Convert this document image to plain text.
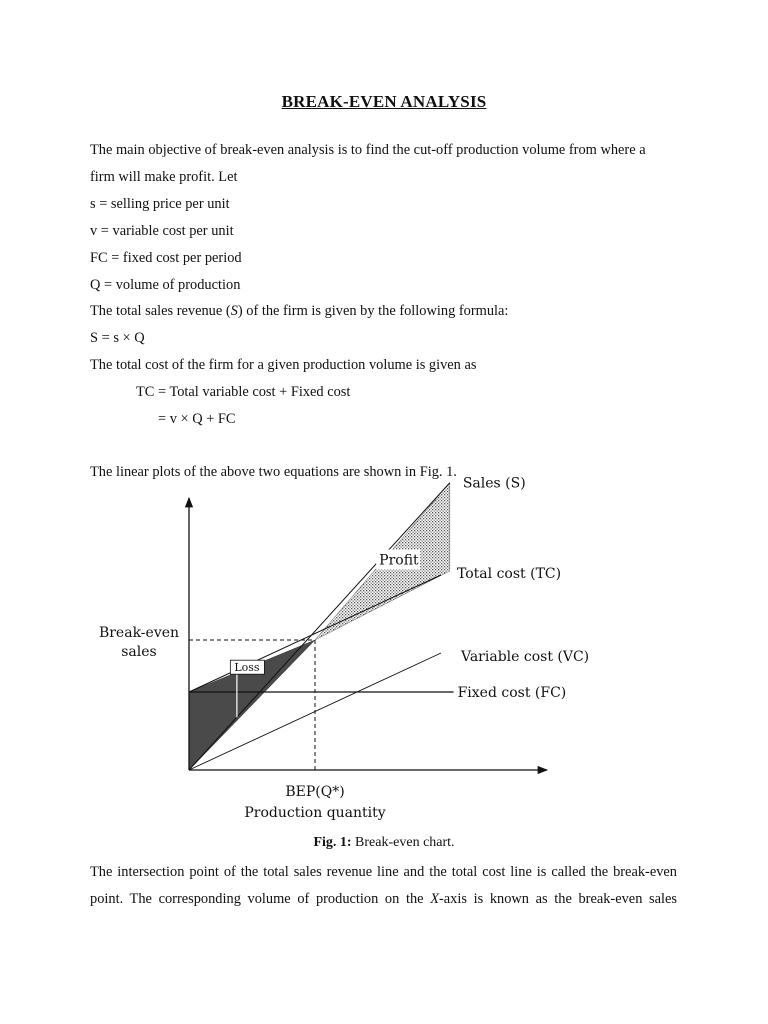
BREAK-EVEN ANALYSIS
The main objective of break-even analysis is to find the cut-off production volume from where a
firm will make profit. Let
s = selling price per unit
v = variable cost per unit
FC = fixed cost per period
Q = volume of production
The total sales revenue (S) of the firm is given by the following formula:
S = s × Q
The total cost of the firm for a given production volume is given as
TC = Total variable cost + Fixed cost
= v × Q + FC
The linear plots of the above two equations are shown in Fig. 1.
Profit
Loss
Sales (S)
Total cost (TC)
Variable cost (VC)
Fixed cost (FC)
Break-even
sales
BEP(Q*)
Production quantity
Fig. 1: Break-even chart.
The intersection point of the total sales revenue line and the total cost line is called the break-even
point. The corresponding volume of production on the X-axis is known as the break-even sales
